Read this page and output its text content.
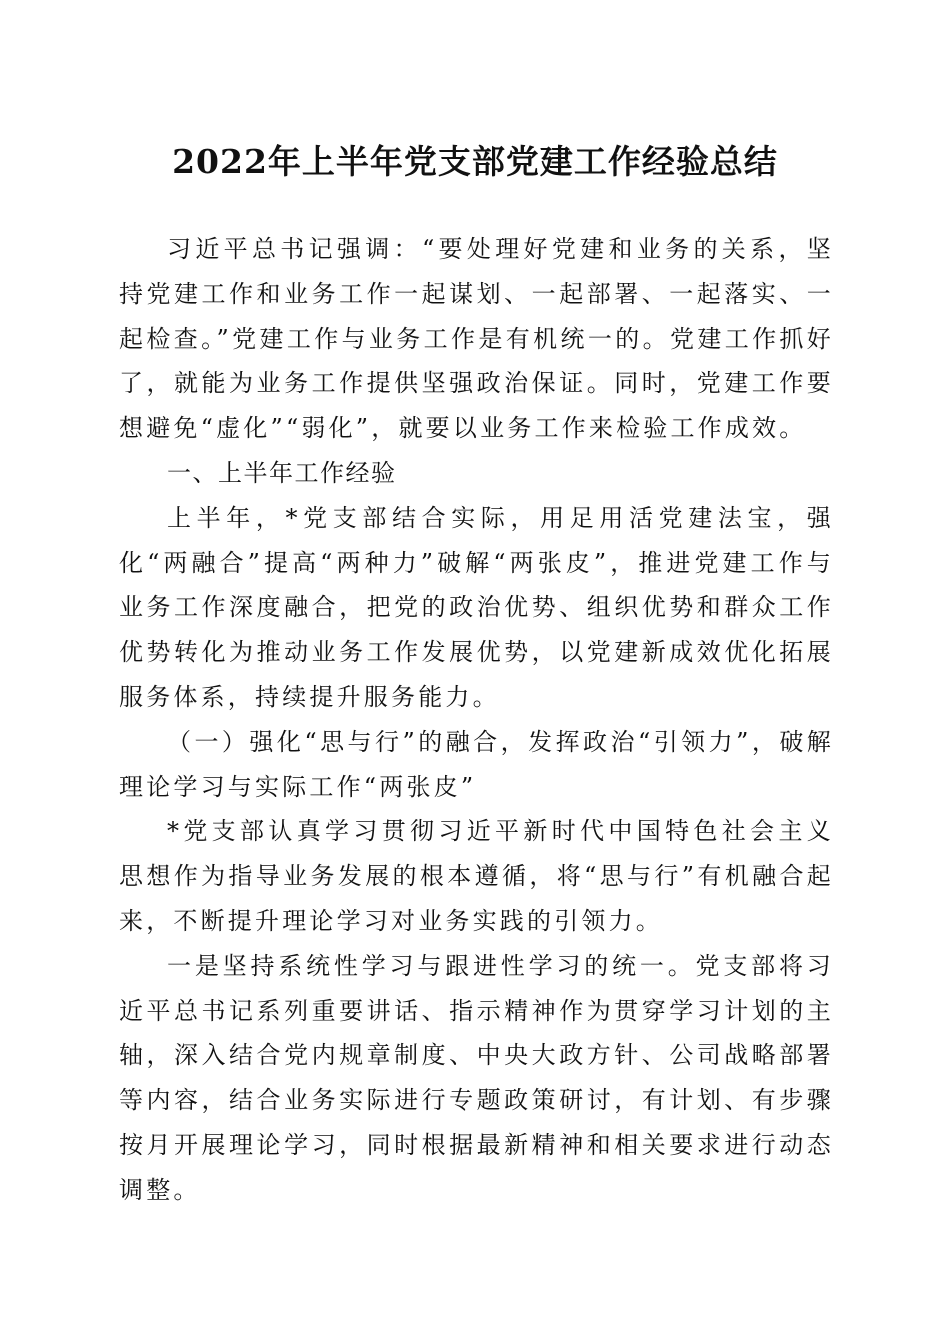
2022年上半年党支部党建工作经验总结

习近平总书记强调：“要处理好党建和业务的关系，坚持党建工作和业务工作一起谋划、一起部署、一起落实、一起检查。”党建工作与业务工作是有机统一的。党建工作抓好了，就能为业务工作提供坚强政治保证。同时，党建工作要想避免“虚化”“弱化”，就要以业务工作来检验工作成效。

一、上半年工作经验

上半年，*党支部结合实际，用足用活党建法宝，强化“两融合”提高“两种力”破解“两张皮”，推进党建工作与业务工作深度融合，把党的政治优势、组织优势和群众工作优势转化为推动业务工作发展优势，以党建新成效优化拓展服务体系，持续提升服务能力。

（一）强化“思与行”的融合，发挥政治“引领力”，破解理论学习与实际工作“两张皮”

*党支部认真学习贯彻习近平新时代中国特色社会主义思想作为指导业务发展的根本遵循，将“思与行”有机融合起来，不断提升理论学习对业务实践的引领力。

一是坚持系统性学习与跟进性学习的统一。党支部将习近平总书记系列重要讲话、指示精神作为贯穿学习计划的主轴，深入结合党内规章制度、中央大政方针、公司战略部署等内容，结合业务实际进行专题政策研讨，有计划、有步骤按月开展理论学习，同时根据最新精神和相关要求进行动态调整。
